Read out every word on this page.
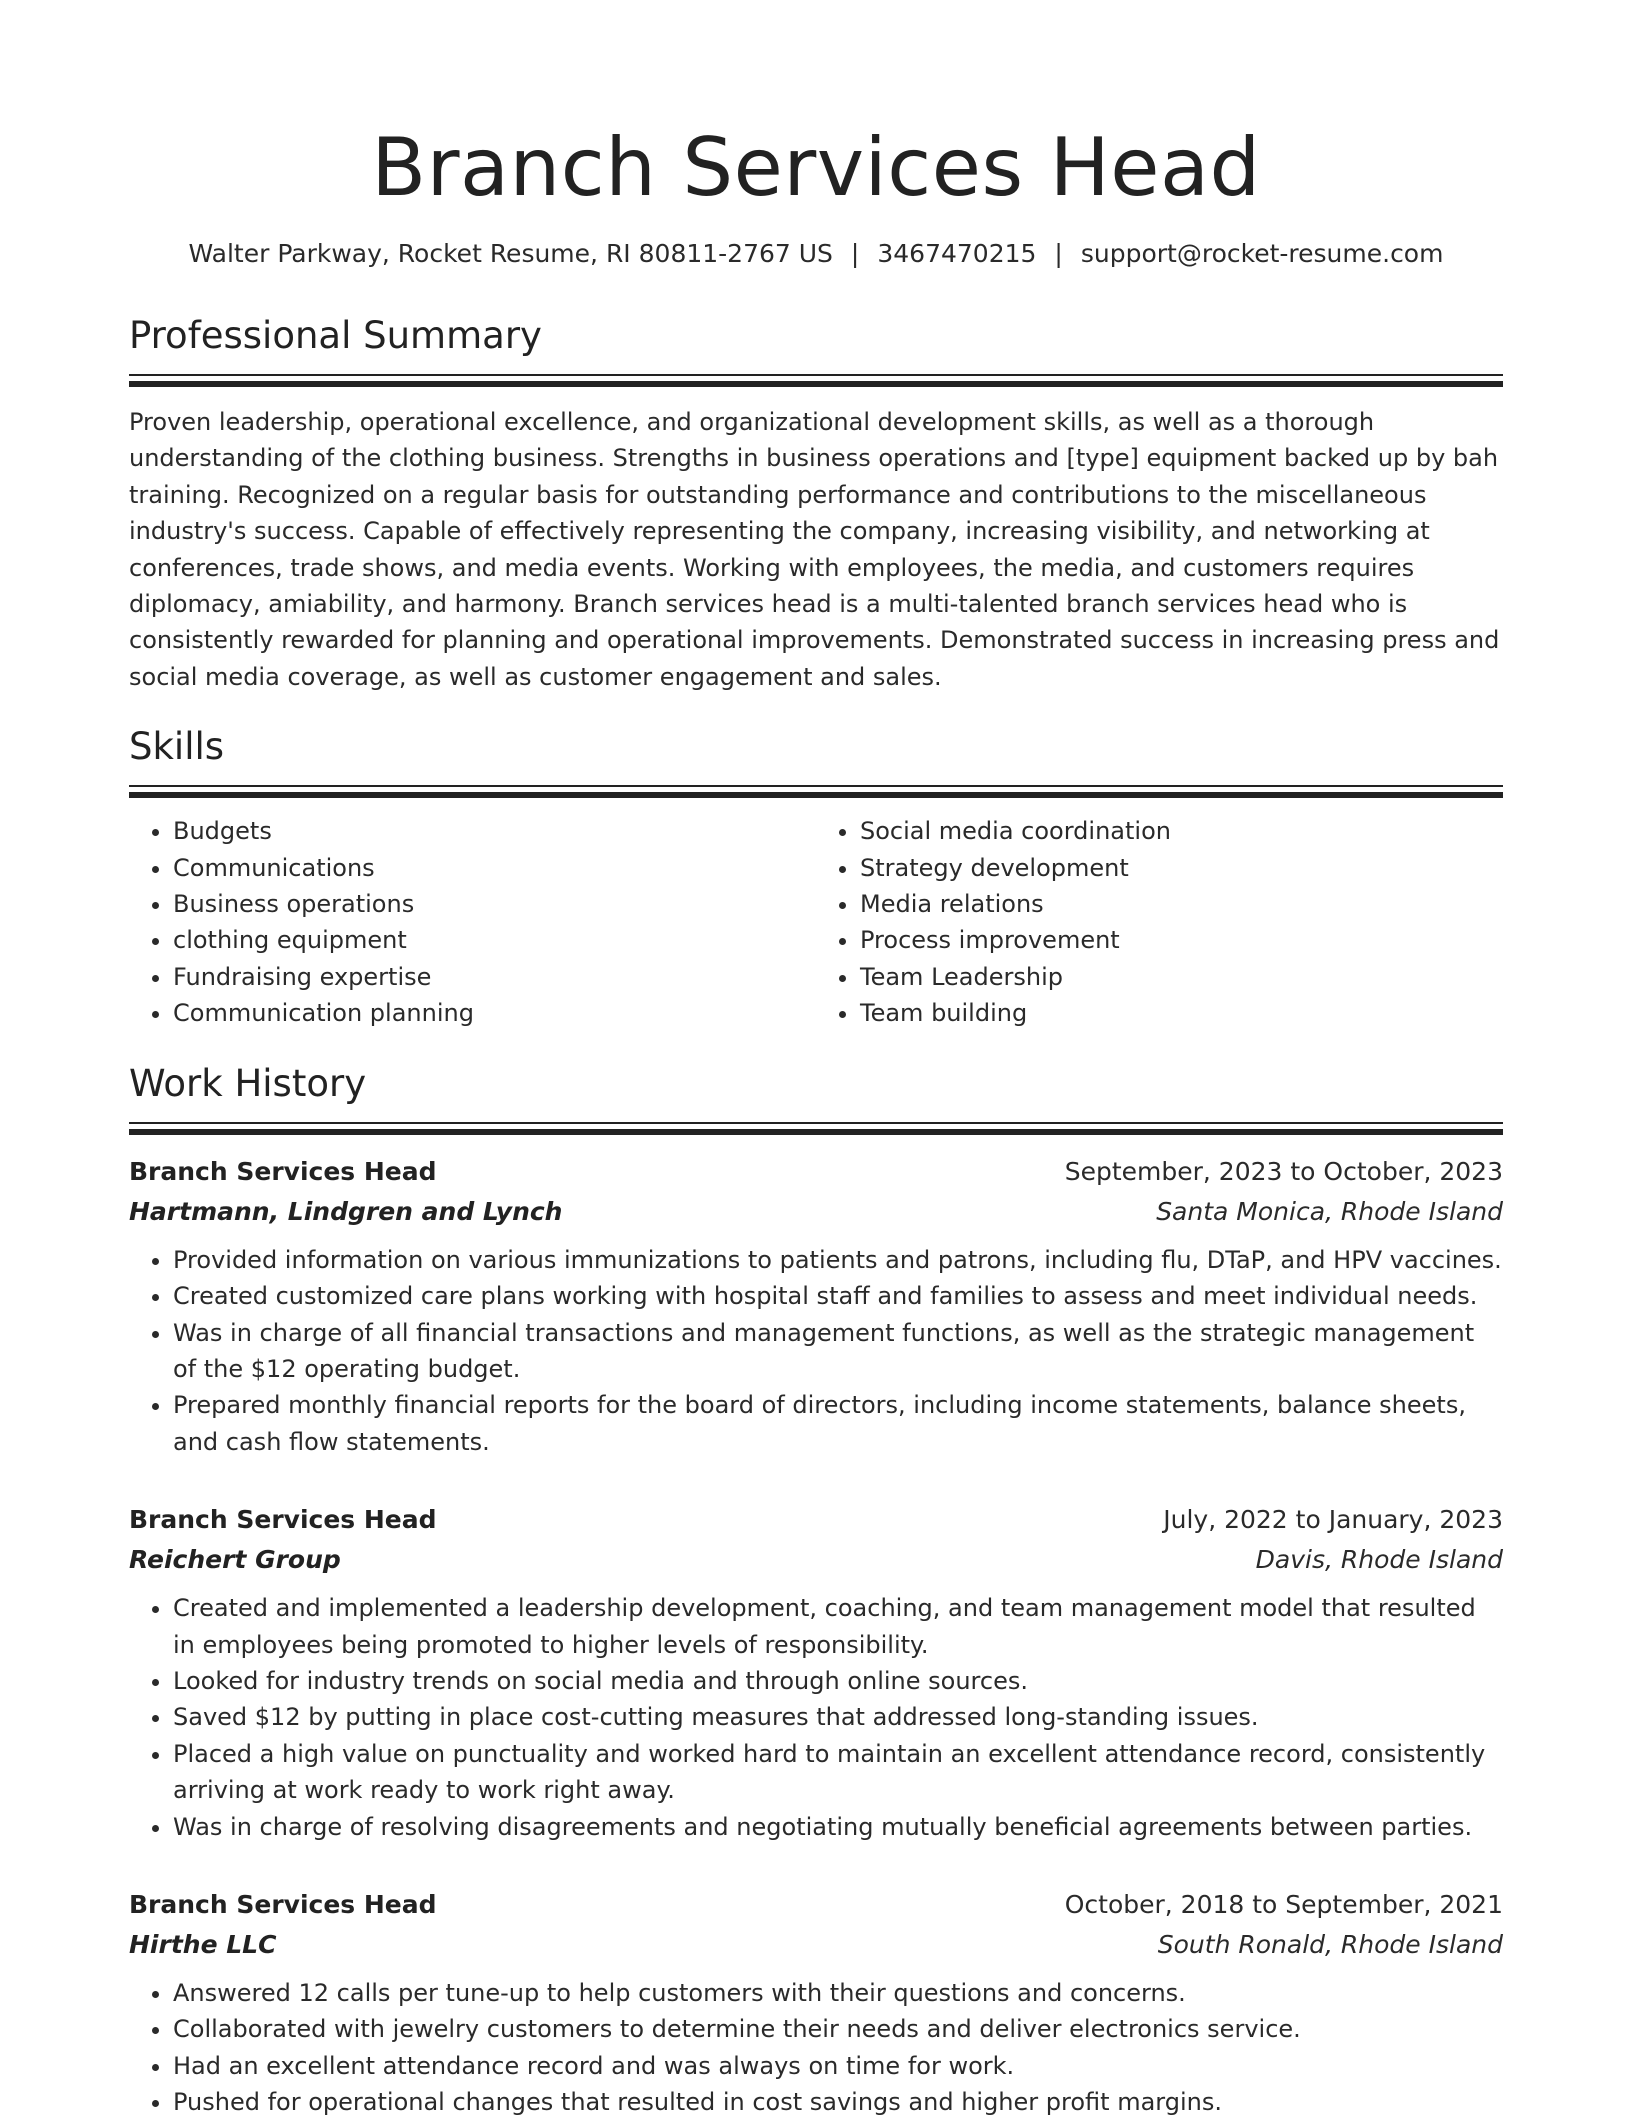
Branch Services Head
Walter Parkway, Rocket Resume, RI 80811-2767 US | 3467470215 | support@rocket-resume.com
Professional Summary

Proven leadership, operational excellence, and organizational development skills, as well as a thorough understanding of the clothing business. Strengths in business operations and [type] equipment backed up by bah training. Recognized on a regular basis for outstanding performance and contributions to the miscellaneous industry's success. Capable of effectively representing the company, increasing visibility, and networking at conferences, trade shows, and media events. Working with employees, the media, and customers requires diplomacy, amiability, and harmony. Branch services head is a multi-talented branch services head who is consistently rewarded for planning and operational improvements. Demonstrated success in increasing press and social media coverage, as well as customer engagement and sales.

Skills
• Budgets
• Communications
• Business operations
• clothing equipment
• Fundraising expertise
• Communication planning
• Social media coordination
• Strategy development
• Media relations
• Process improvement
• Team Leadership
• Team building
Work History
Branch Services Head	September, 2023 to October, 2023
Hartmann, Lindgren and Lynch	Santa Monica, Rhode Island
• Provided information on various immunizations to patients and patrons, including flu, DTaP, and HPV vaccines.
• Created customized care plans working with hospital staff and families to assess and meet individual needs.
• Was in charge of all financial transactions and management functions, as well as the strategic management of the $12 operating budget.
• Prepared monthly financial reports for the board of directors, including income statements, balance sheets, and cash flow statements.
Branch Services Head	July, 2022 to January, 2023
Reichert Group	Davis, Rhode Island
• Created and implemented a leadership development, coaching, and team management model that resulted in employees being promoted to higher levels of responsibility.
• Looked for industry trends on social media and through online sources.
• Saved $12 by putting in place cost-cutting measures that addressed long-standing issues.
• Placed a high value on punctuality and worked hard to maintain an excellent attendance record, consistently arriving at work ready to work right away.
• Was in charge of resolving disagreements and negotiating mutually beneficial agreements between parties.
Branch Services Head	October, 2018 to September, 2021
Hirthe LLC	South Ronald, Rhode Island
• Answered 12 calls per tune-up to help customers with their questions and concerns.
• Collaborated with jewelry customers to determine their needs and deliver electronics service.
• Had an excellent attendance record and was always on time for work.
• Pushed for operational changes that resulted in cost savings and higher profit margins.
